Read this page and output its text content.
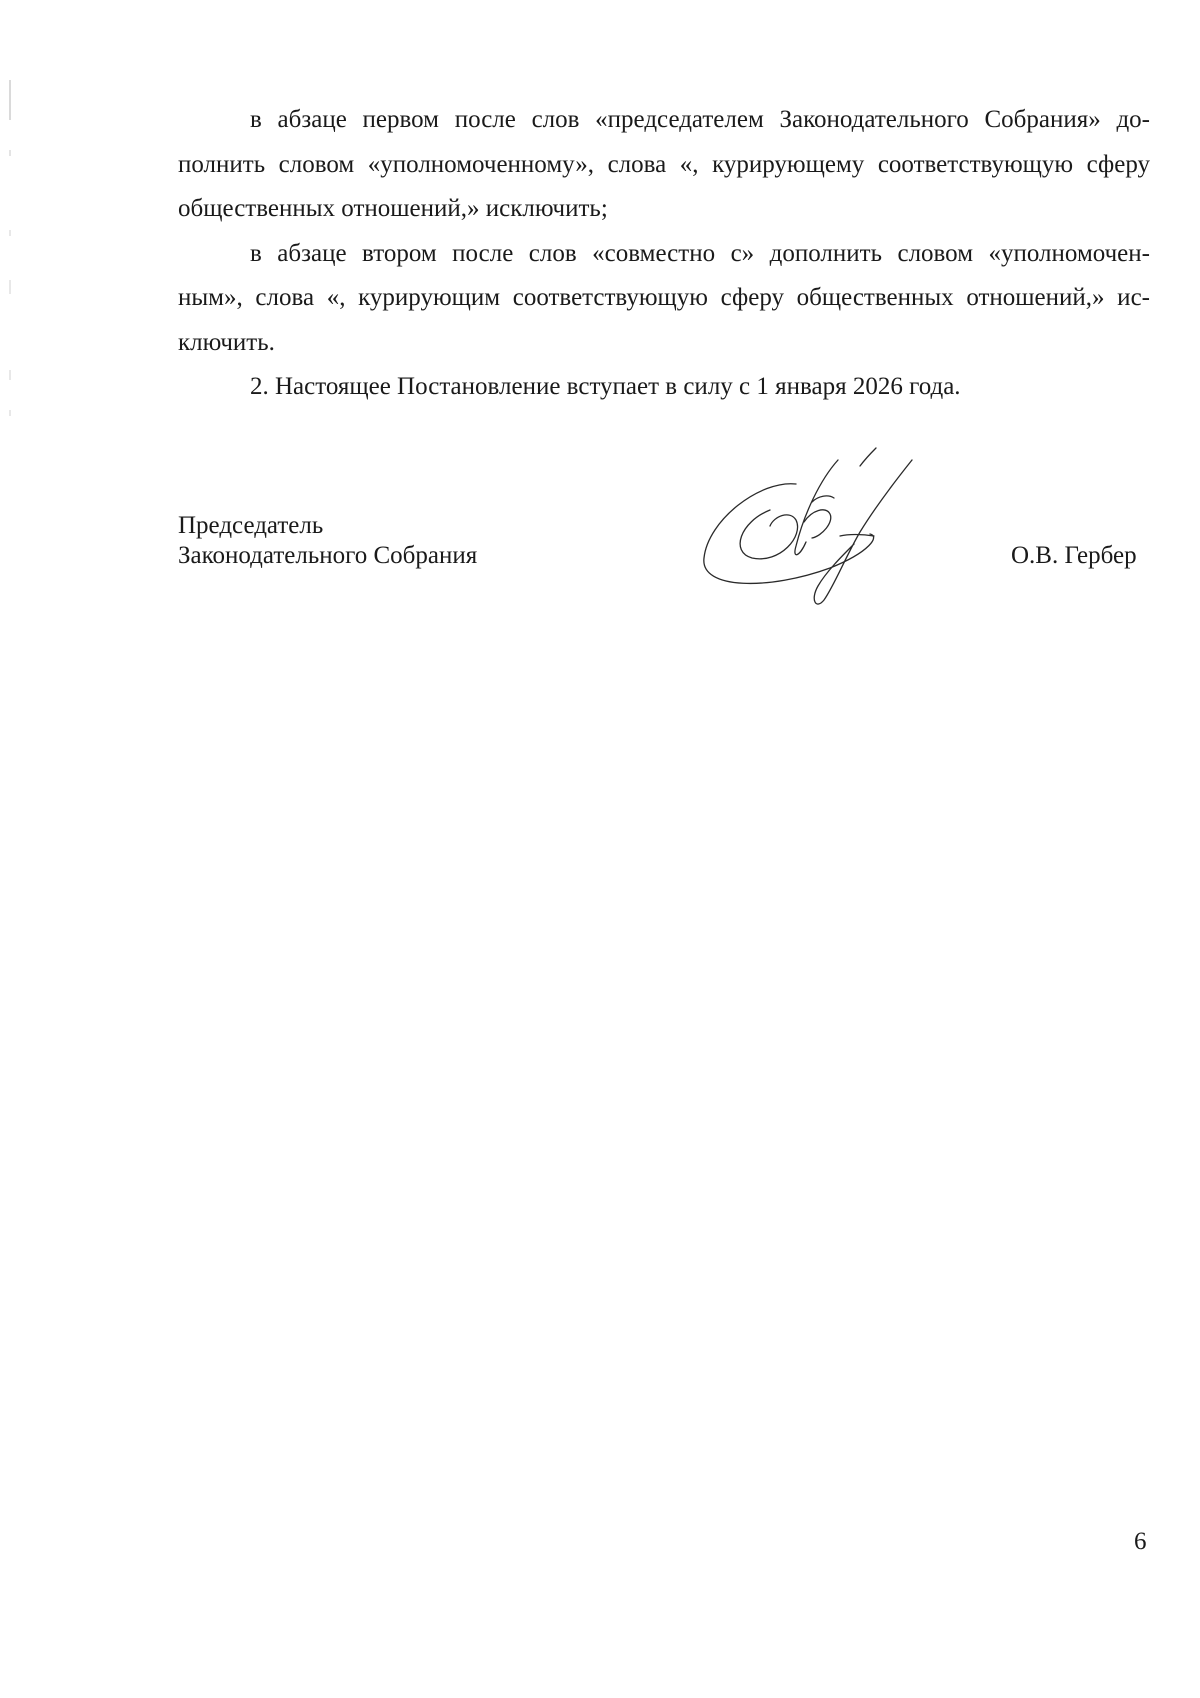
в абзаце первом после слов «председателем Законодательного Собрания» до-
полнить словом «уполномоченному», слова «, курирующему соответствующую сферу
общественных отношений,» исключить;

в абзаце втором после слов «совместно с» дополнить словом «уполномочен-
ным», слова «, курирующим соответствующую сферу общественных отношений,» ис-
ключить.

2. Настоящее Постановление вступает в силу с 1 января 2026 года.

Председатель
Законодательного Собрания	О.В. Гербер
6
